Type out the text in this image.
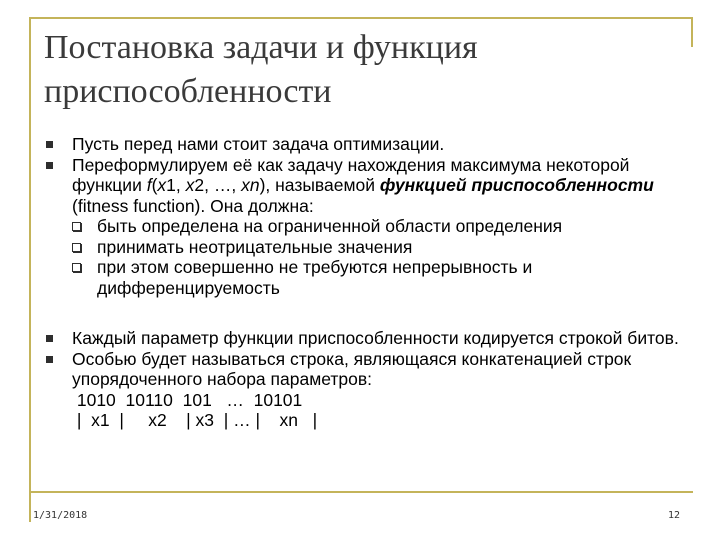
Постановка задачи и функция
приспособленности
Пусть перед нами стоит задача оптимизации.
Переформулируем её как задачу нахождения максимума некоторой функции f(x1, x2, …, xn), называемой функцией приспособленности (fitness function). Она должна:
быть определена на ограниченной области определения
принимать неотрицательные значения
при этом совершенно не требуются непрерывность и дифференцируемость
Каждый параметр функции приспособленности кодируется строкой битов.
Особью будет называться строка, являющаяся конкатенацией строк упорядоченного набора параметров:
1010  10110  101   …  10101
|  x1  |     x2    | x3  | … |    xn   |
1/31/2018	12
